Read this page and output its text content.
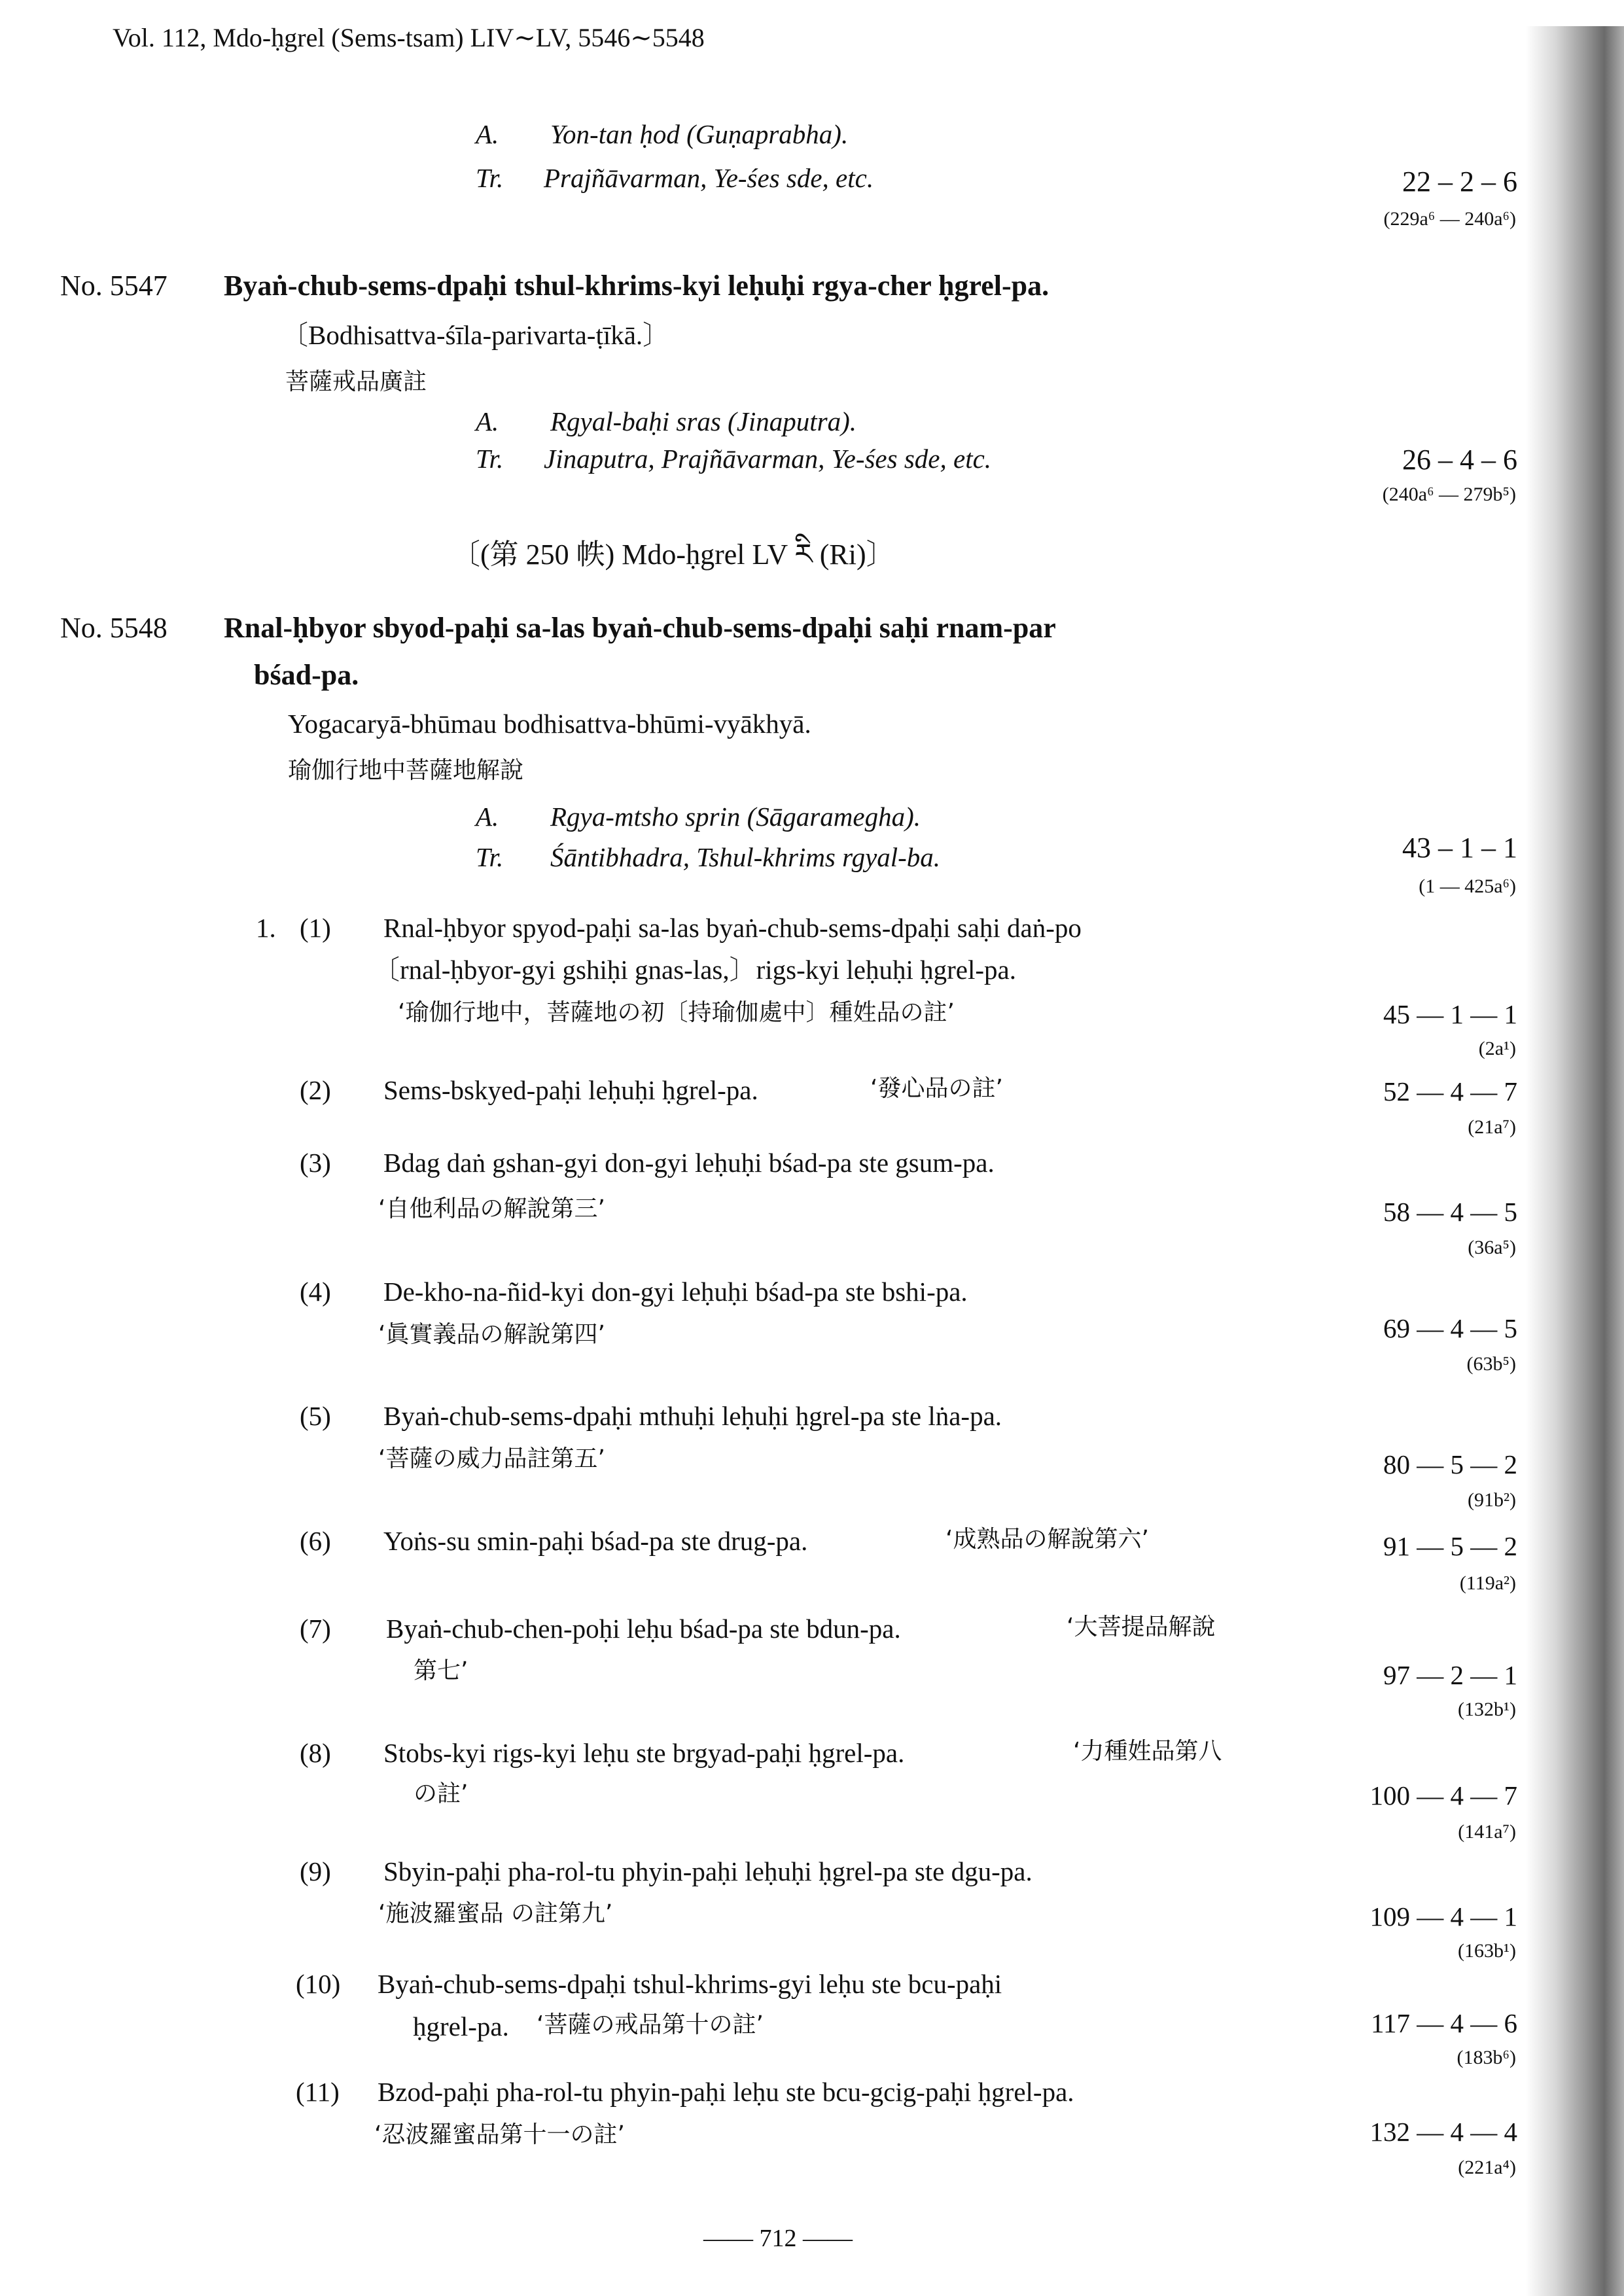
Vol. 112, Mdo-ḥgrel (Sems-tsam) LIV∼LV, 5546∼5548
A. Yon-tan ḥod (Guṇaprabha).
Tr. Prajñāvarman, Ye-śes sde, etc.	22 – 2 – 6
(229a⁶ — 240a⁶)
No. 5547 Byaṅ-chub-sems-dpaḥi tshul-khrims-kyi leḥuḥi rgya-cher ḥgrel-pa.
〔Bodhisattva-śīla-parivarta-ṭīkā.〕
菩薩戒品廣註
A. Rgyal-baḥi sras (Jinaputra).
Tr. Jinaputra, Prajñāvarman, Ye-śes sde, etc.	26 – 4 – 6
(240a⁶ — 279b⁵)
〔(第 250 帙) Mdo-ḥgrel LV རི (Ri)〕
No. 5548 Rnal-ḥbyor sbyod-paḥi sa-las byaṅ-chub-sems-dpaḥi saḥi rnam-par
bśad-pa.
Yogacaryā-bhūmau bodhisattva-bhūmi-vyākhyā.
瑜伽行地中菩薩地解說
A. Rgya-mtsho sprin (Sāgaramegha).
Tr. Śāntibhadra, Tshul-khrims rgyal-ba.	43 – 1 – 1
(1 — 425a⁶)
1. (1) Rnal-ḥbyor spyod-paḥi sa-las byaṅ-chub-sems-dpaḥi saḥi daṅ-po
〔rnal-ḥbyor-gyi gshiḥi gnas-las,〕rigs-kyi leḥuḥi ḥgrel-pa.
‘瑜伽行地中，菩薩地の初〔持瑜伽處中〕種姓品の註’	45 — 1 — 1
(2a¹)
(2) Sems-bskyed-paḥi leḥuḥi ḥgrel-pa.	‘發心品の註’	52 — 4 — 7
(21a⁷)
(3) Bdag daṅ gshan-gyi don-gyi leḥuḥi bśad-pa ste gsum-pa.
‘自他利品の解說第三’	58 — 4 — 5
(36a⁵)
(4) De-kho-na-ñid-kyi don-gyi leḥuḥi bśad-pa ste bshi-pa.
‘眞實義品の解說第四’	69 — 4 — 5
(63b⁵)
(5) Byaṅ-chub-sems-dpaḥi mthuḥi leḥuḥi ḥgrel-pa ste lṅa-pa.
‘菩薩の威力品註第五’	80 — 5 — 2
(91b²)
(6) Yoṅs-su smin-paḥi bśad-pa ste drug-pa.	‘成熟品の解說第六’	91 — 5 — 2
(119a²)
(7) Byaṅ-chub-chen-poḥi leḥu bśad-pa ste bdun-pa.	‘大菩提品解說
第七’	97 — 2 — 1
(132b¹)
(8) Stobs-kyi rigs-kyi leḥu ste brgyad-paḥi ḥgrel-pa.	‘力種姓品第八
の註’	100 — 4 — 7
(141a⁷)
(9) Sbyin-paḥi pha-rol-tu phyin-paḥi leḥuḥi ḥgrel-pa ste dgu-pa.
‘施波羅蜜品 の註第九’	109 — 4 — 1
(163b¹)
(10) Byaṅ-chub-sems-dpaḥi tshul-khrims-gyi leḥu ste bcu-paḥi
ḥgrel-pa. ‘菩薩の戒品第十の註’	117 — 4 — 6
(183b⁶)
(11) Bzod-paḥi pha-rol-tu phyin-paḥi leḥu ste bcu-gcig-paḥi ḥgrel-pa.
‘忍波羅蜜品第十一の註’	132 — 4 — 4
(221a⁴)
—— 712 ——
